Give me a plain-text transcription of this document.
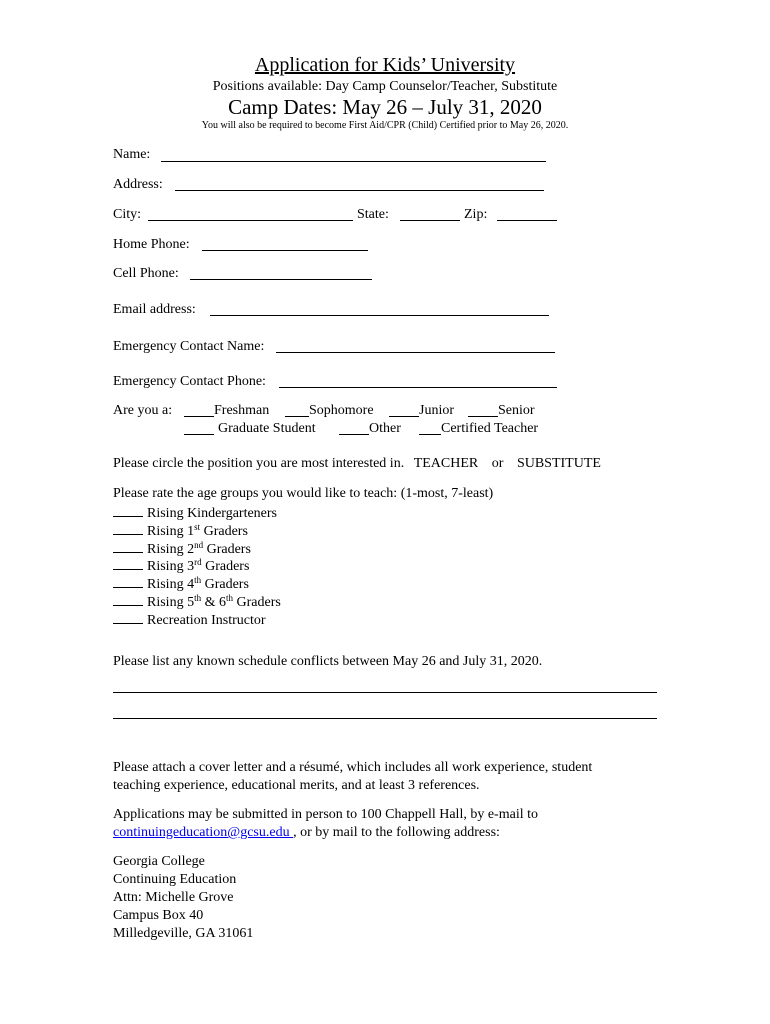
Application for Kids’ University
Positions available: Day Camp Counselor/Teacher, Substitute
Camp Dates: May 26 – July 31, 2020
You will also be required to become First Aid/CPR (Child) Certified prior to May 26, 2020.
Name:
Address:
City:	State:	Zip:
Home Phone:
Cell Phone:
Email address:
Emergency Contact Name:
Emergency Contact Phone:
Are you a:	Freshman	Sophomore	Junior	Senior
Graduate Student	Other	Certified Teacher
Please circle the position you are most interested in. TEACHER or SUBSTITUTE
Please rate the age groups you would like to teach: (1-most, 7-least)
Rising Kindergarteners
Rising 1st Graders
Rising 2nd Graders
Rising 3rd Graders
Rising 4th Graders
Rising 5th & 6th Graders
Recreation Instructor
Please list any known schedule conflicts between May 26 and July 31, 2020.
Please attach a cover letter and a résumé, which includes all work experience, student
teaching experience, educational merits, and at least 3 references.
Applications may be submitted in person to 100 Chappell Hall, by e-mail to
continuingeducation@gcsu.edu , or by mail to the following address:
Georgia College
Continuing Education
Attn: Michelle Grove
Campus Box 40
Milledgeville, GA 31061
